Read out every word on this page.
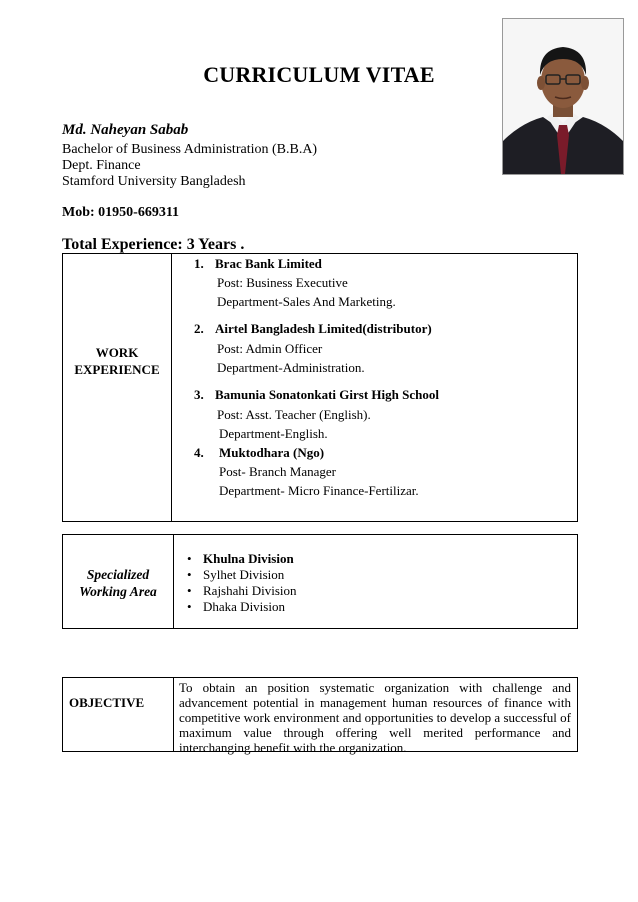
CURRICULUM VITAE
Md. Naheyan Sabab
Bachelor of Business Administration (B.B.A)
Dept. Finance
Stamford University Bangladesh
Mob: 01950-669311
Total Experience: 3 Years .
WORK
EXPERIENCE
1. Brac Bank Limited
Post: Business Executive
Department-Sales And Marketing.
2. Airtel Bangladesh Limited(distributor)
Post: Admin Officer
Department-Administration.
3. Bamunia Sonatonkati Girst High School
Post: Asst. Teacher (English).
Department-English.
4. Muktodhara (Ngo)
Post- Branch Manager
Department- Micro Finance-Fertilizar.
Specialized
Working Area
• Khulna Division
• Sylhet Division
• Rajshahi Division
• Dhaka Division
OBJECTIVE
To obtain an position systematic organization with challenge and advancement potential in management human resources of finance with competitive work environment and opportunities to develop a successful of maximum value through offering well merited performance and interchanging benefit with the organization.
